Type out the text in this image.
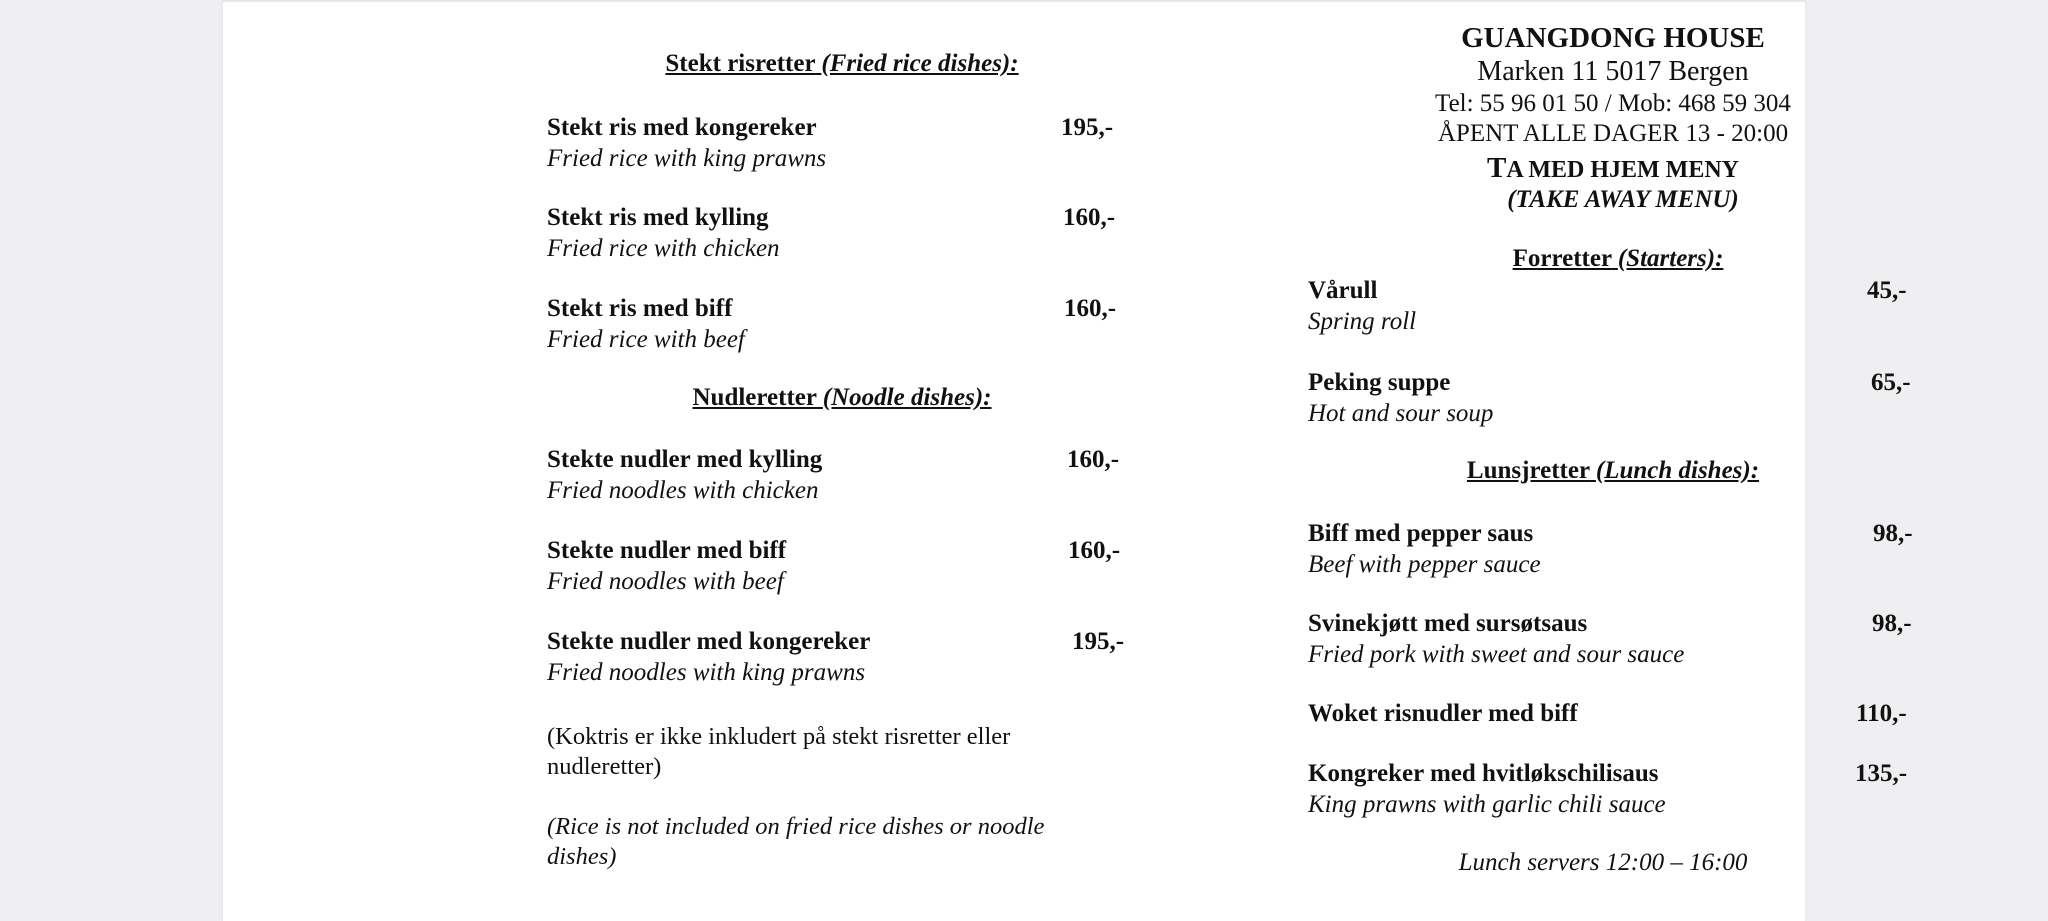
Stekt risretter (Fried rice dishes):
Stekt ris med kongereker
Fried rice with king prawns
195,-
Stekt ris med kylling
Fried rice with chicken
160,-
Stekt ris med biff
Fried rice with beef
160,-
Nudleretter (Noodle dishes):
Stekte nudler med kylling
Fried noodles with chicken
160,-
Stekte nudler med biff
Fried noodles with beef
160,-
Stekte nudler med kongereker
Fried noodles with king prawns
195,-
(Koktris er ikke inkludert på stekt risretter eller nudleretter)
(Rice is not included on fried rice dishes or noodle dishes)
GUANGDONG HOUSE
Marken 11 5017 Bergen
Tel: 55 96 01 50 / Mob: 468 59 304
ÅPENT ALLE DAGER 13 - 20:00
TA MED HJEM MENY
(TAKE AWAY MENU)
Forretter (Starters):
Vårull
Spring roll
45,-
Peking suppe
Hot and sour soup
65,-
Lunsjretter (Lunch dishes):
Biff med pepper saus
Beef with pepper sauce
98,-
Svinekjøtt med sursøtsaus
Fried pork with sweet and sour sauce
98,-
Woket risnudler med biff	110,-
Kongreker med hvitløkschilisaus
King prawns with garlic chili sauce
135,-
Lunch servers 12:00 – 16:00
